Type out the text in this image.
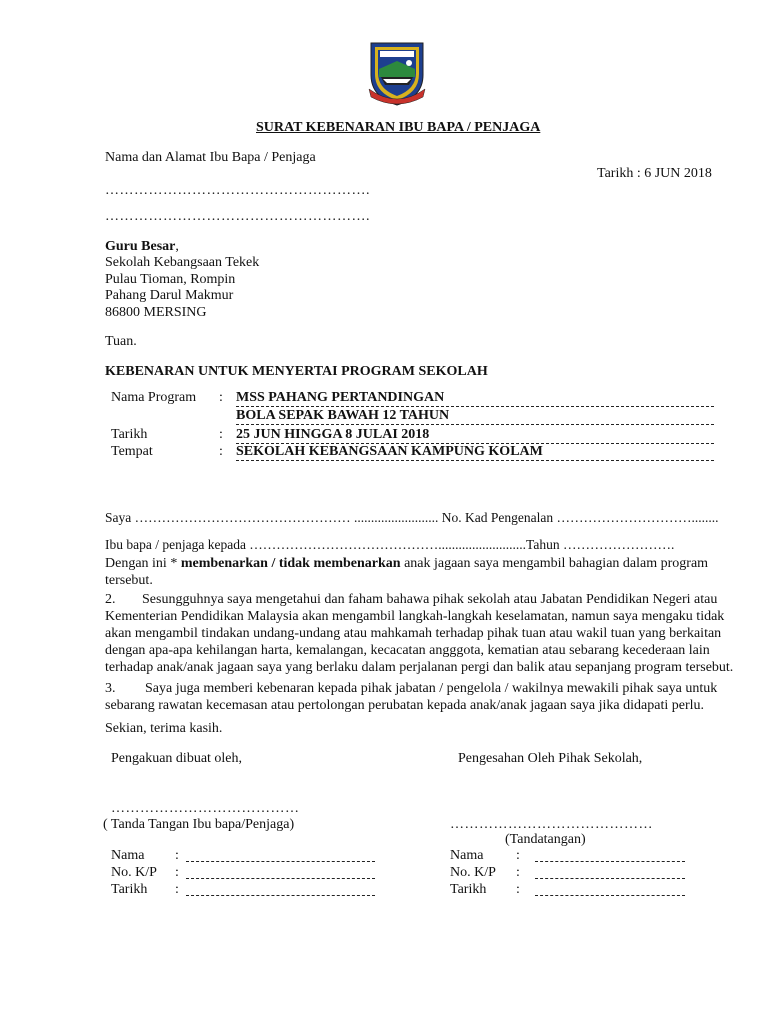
SURAT KEBENARAN IBU BAPA / PENJAGA
Nama dan Alamat Ibu Bapa / Penjaga
Tarikh : 6 JUN 2018
……………………………………………….
……………………………………………….
Guru Besar,
Sekolah Kebangsaan Tekek
Pulau Tioman, Rompin
Pahang Darul Makmur
86800 MERSING
Tuan.
KEBENARAN UNTUK MENYERTAI PROGRAM SEKOLAH
Nama Program : MSS PAHANG PERTANDINGAN
BOLA SEPAK BAWAH 12 TAHUN
Tarikh	: 25 JUN HINGGA 8 JULAI 2018
Tempat	: SEKOLAH KEBANGSAAN KAMPUNG KOLAM
Saya ………………………………………… ......................... No. Kad Pengenalan …………………………........
Ibu bapa / penjaga kepada ……………………………………..........................Tahun …………………….
Dengan ini * membenarkan / tidak membenarkan anak jagaan saya mengambil bahagian dalam program
tersebut.
2. Sesungguhnya saya mengetahui dan faham bahawa pihak sekolah atau Jabatan Pendidikan Negeri atau
Kementerian Pendidikan Malaysia akan mengambil langkah-langkah keselamatan, namun saya mengaku tidak
akan mengambil tindakan undang-undang atau mahkamah terhadap pihak tuan atau wakil tuan yang berkaitan
dengan apa-apa kehilangan harta, kemalangan, kecacatan angggota, kematian atau sebarang kecederaan lain
terhadap anak/anak jagaan saya yang berlaku dalam perjalanan pergi dan balik atau sepanjang program tersebut.
3. Saya juga memberi kebenaran kepada pihak jabatan / pengelola / wakilnya mewakili pihak saya untuk
sebarang rawatan kecemasan atau pertolongan perubatan kepada anak/anak jagaan saya jika didapati perlu.
Sekian, terima kasih.
Pengakuan dibuat oleh,
…………………………………
( Tanda Tangan Ibu bapa/Penjaga)
Nama :
No. K/P :
Tarikh :
Pengesahan Oleh Pihak Sekolah,
……………………………………
(Tandatangan)
Nama :
No. K/P :
Tarikh :
